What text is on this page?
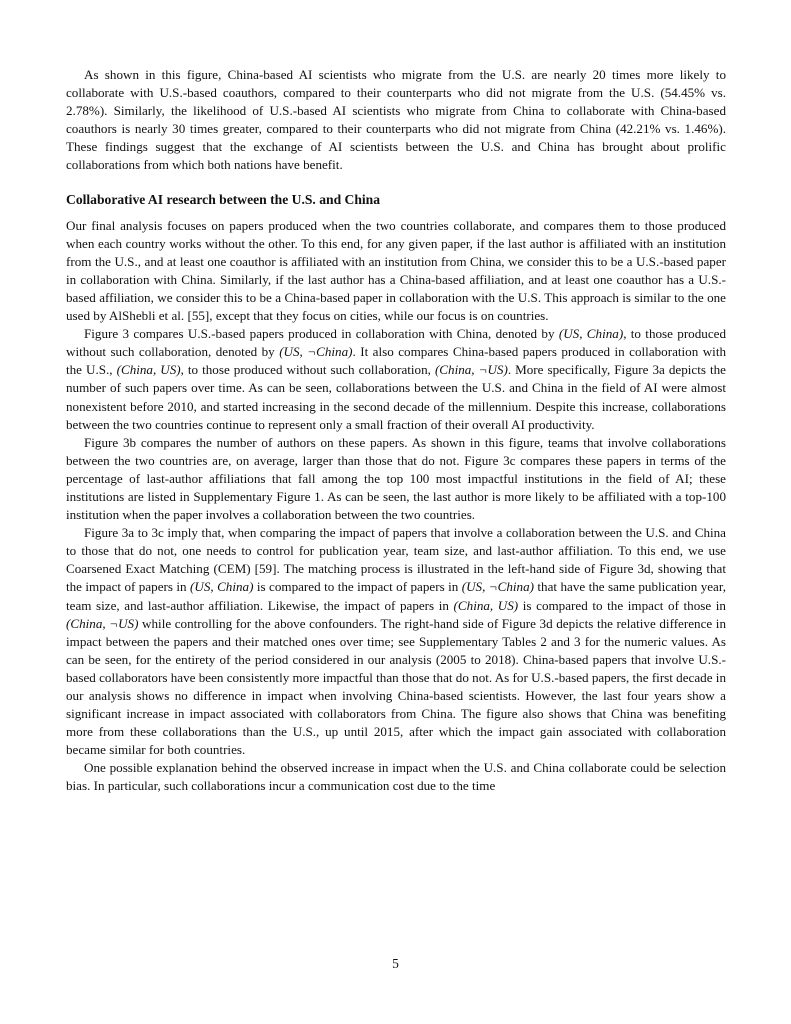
As shown in this figure, China-based AI scientists who migrate from the U.S. are nearly 20 times more likely to collaborate with U.S.-based coauthors, compared to their counterparts who did not migrate from the U.S. (54.45% vs. 2.78%). Similarly, the likelihood of U.S.-based AI scientists who migrate from China to collaborate with China-based coauthors is nearly 30 times greater, compared to their counterparts who did not migrate from China (42.21% vs. 1.46%). These findings suggest that the exchange of AI scientists between the U.S. and China has brought about prolific collaborations from which both nations have benefit.

Collaborative AI research between the U.S. and China

Our final analysis focuses on papers produced when the two countries collaborate, and compares them to those produced when each country works without the other. To this end, for any given paper, if the last author is affiliated with an institution from the U.S., and at least one coauthor is affiliated with an institution from China, we consider this to be a U.S.-based paper in collaboration with China. Similarly, if the last author has a China-based affiliation, and at least one coauthor has a U.S.-based affiliation, we consider this to be a China-based paper in collaboration with the U.S. This approach is similar to the one used by AlShebli et al. [55], except that they focus on cities, while our focus is on countries.

Figure 3 compares U.S.-based papers produced in collaboration with China, denoted by (US, China), to those produced without such collaboration, denoted by (US, ¬China). It also compares China-based papers produced in collaboration with the U.S., (China, US), to those produced without such collaboration, (China, ¬US). More specifically, Figure 3a depicts the number of such papers over time. As can be seen, collaborations between the U.S. and China in the field of AI were almost nonexistent before 2010, and started increasing in the second decade of the millennium. Despite this increase, collaborations between the two countries continue to represent only a small fraction of their overall AI productivity.

Figure 3b compares the number of authors on these papers. As shown in this figure, teams that involve collaborations between the two countries are, on average, larger than those that do not. Figure 3c compares these papers in terms of the percentage of last-author affiliations that fall among the top 100 most impactful institutions in the field of AI; these institutions are listed in Supplementary Figure 1. As can be seen, the last author is more likely to be affiliated with a top-100 institution when the paper involves a collaboration between the two countries.

Figure 3a to 3c imply that, when comparing the impact of papers that involve a collaboration between the U.S. and China to those that do not, one needs to control for publication year, team size, and last-author affiliation. To this end, we use Coarsened Exact Matching (CEM) [59]. The matching process is illustrated in the left-hand side of Figure 3d, showing that the impact of papers in (US, China) is compared to the impact of papers in (US, ¬China) that have the same publication year, team size, and last-author affiliation. Likewise, the impact of papers in (China, US) is compared to the impact of those in (China, ¬US) while controlling for the above confounders. The right-hand side of Figure 3d depicts the relative difference in impact between the papers and their matched ones over time; see Supplementary Tables 2 and 3 for the numeric values. As can be seen, for the entirety of the period considered in our analysis (2005 to 2018). China-based papers that involve U.S.-based collaborators have been consistently more impactful than those that do not. As for U.S.-based papers, the first decade in our analysis shows no difference in impact when involving China-based scientists. However, the last four years show a significant increase in impact associated with collaborators from China. The figure also shows that China was benefiting more from these collaborations than the U.S., up until 2015, after which the impact gain associated with collaboration became similar for both countries.

One possible explanation behind the observed increase in impact when the U.S. and China collaborate could be selection bias. In particular, such collaborations incur a communication cost due to the time

5
